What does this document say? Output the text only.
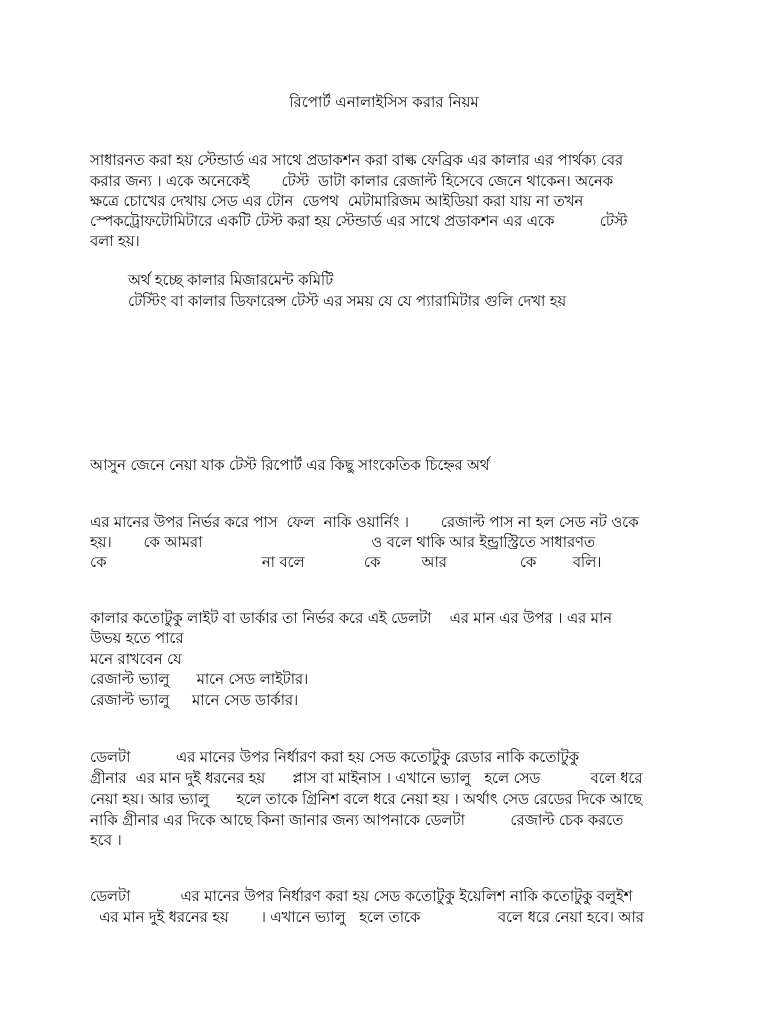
রিপোর্ট এনালাইসিস করার নিয়ম
সাধারনত করা হয় স্টেন্ডার্ড এর সাথে প্রডাকশন করা বাল্ক ফেব্রিক এর কালার এর পার্থক্য বের
করার জন্য । একে অনেকেই       টেস্ট  ডাটা কালার রেজাল্ট হিসেবে জেনে থাকেন। অনেক
ক্ষত্রে চোখের দেখায় সেড এর টোন  ডেপথ  মেটামারিজম আইডিয়া করা যায় না তখন
স্পেকট্রোফটোমিটারে একটি টেস্ট করা হয় স্টেন্ডার্ড এর সাথে প্রডাকশন এর একে          টেস্ট
বলা হয়।
অর্থ হচ্ছে কালার মিজারমেন্ট কমিটি
টেস্টিং বা কালার ডিফারেন্স টেস্ট এর সময় যে যে প্যারামিটার গুলি দেখা হয়
আসুন জেনে নেয়া যাক টেস্ট রিপোর্ট এর কিছু সাংকেতিক চিহ্নের অর্থ
এর মানের উপর নির্ভর করে পাস  ফেল  নাকি ওয়ার্নিং ।       রেজাল্ট পাস না হল সেড নট ওকে
হয়।       কে আমরা                                     ও বলে থাকি আর ইন্ড্রাস্ট্রিতে সাধারণত
কে                                  না বলে             কে         আর                কে        বলি।
কালার কতোটুকু লাইট বা ডার্কার তা নির্ভর করে এই ডেলটা    এর মান এর উপর । এর মান
উভয় হতে পারে
মনে রাখবেন যে
রেজাল্ট ভ্যালু      মানে সেড লাইটার।
রেজাল্ট ভ্যালু     মানে সেড ডার্কার।
ডেলটা          এর মানের উপর নির্ধারণ করা হয় সেড কতোটুকু রেডার নাকি কতোটুকু
গ্রীনার  এর মান দুই ধরনের হয়      প্লাস বা মাইনাস । এখানে ভ্যালু   হলে সেড           বলে ধরে
নেয়া হয়। আর ভ্যালু      হলে তাকে গ্রিনিশ বলে ধরে নেয়া হয় । অর্থাৎ সেড রেডের দিকে আছে
নাকি গ্রীনার এর দিকে আছে কিনা জানার জন্য আপনাকে ডেলটা          রেজাল্ট চেক করতে
হবে ।
ডেলটা           এর মানের উপর নির্ধারণ করা হয় সেড কতোটুকু ইয়েলিশ নাকি কতোটুকু বলুইশ
এর মান দুই ধরনের হয়       । এখানে ভ্যালু   হলে তাকে                 বলে ধরে নেয়া হবে। আর
